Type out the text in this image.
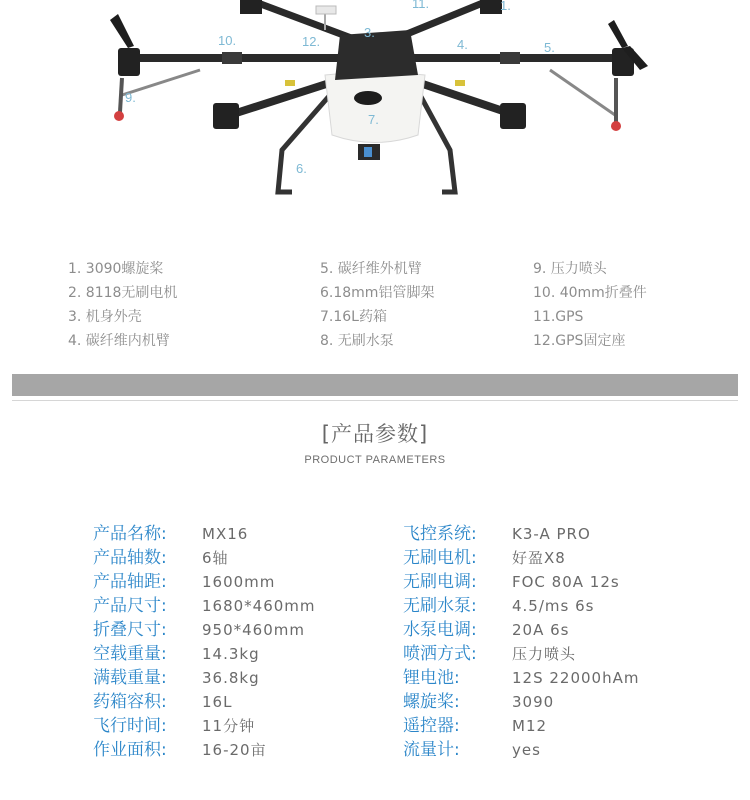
1.
11.
3.
4.	5.
6.
7.
12.
9.
10.
1. 3090螺旋桨
2. 8118无刷电机
3. 机身外壳
4. 碳纤维内机臂
5. 碳纤维外机臂
6.18mm铝管脚架
7.16L药箱
8. 无刷水泵
9. 压力喷头
10. 40mm折叠件
11.GPS
12.GPS固定座
[产品参数]
PRODUCT PARAMETERS
产品名称: MX16
产品轴数: 6轴
产品轴距: 1600mm
产品尺寸: 1680*460mm
折叠尺寸: 950*460mm
空载重量: 14.3kg
满载重量: 36.8kg
药箱容积: 16L
飞行时间: 11分钟
作业面积: 16-20亩
飞控系统: K3-A PRO
无刷电机: 好盈X8
无刷电调: FOC 80A 12s
无刷水泵: 4.5/ms 6s
水泵电调: 20A 6s
喷洒方式: 压力喷头
锂电池:	12S 22000hAm
螺旋桨:	3090
遥控器:	M12
流量计:	yes
